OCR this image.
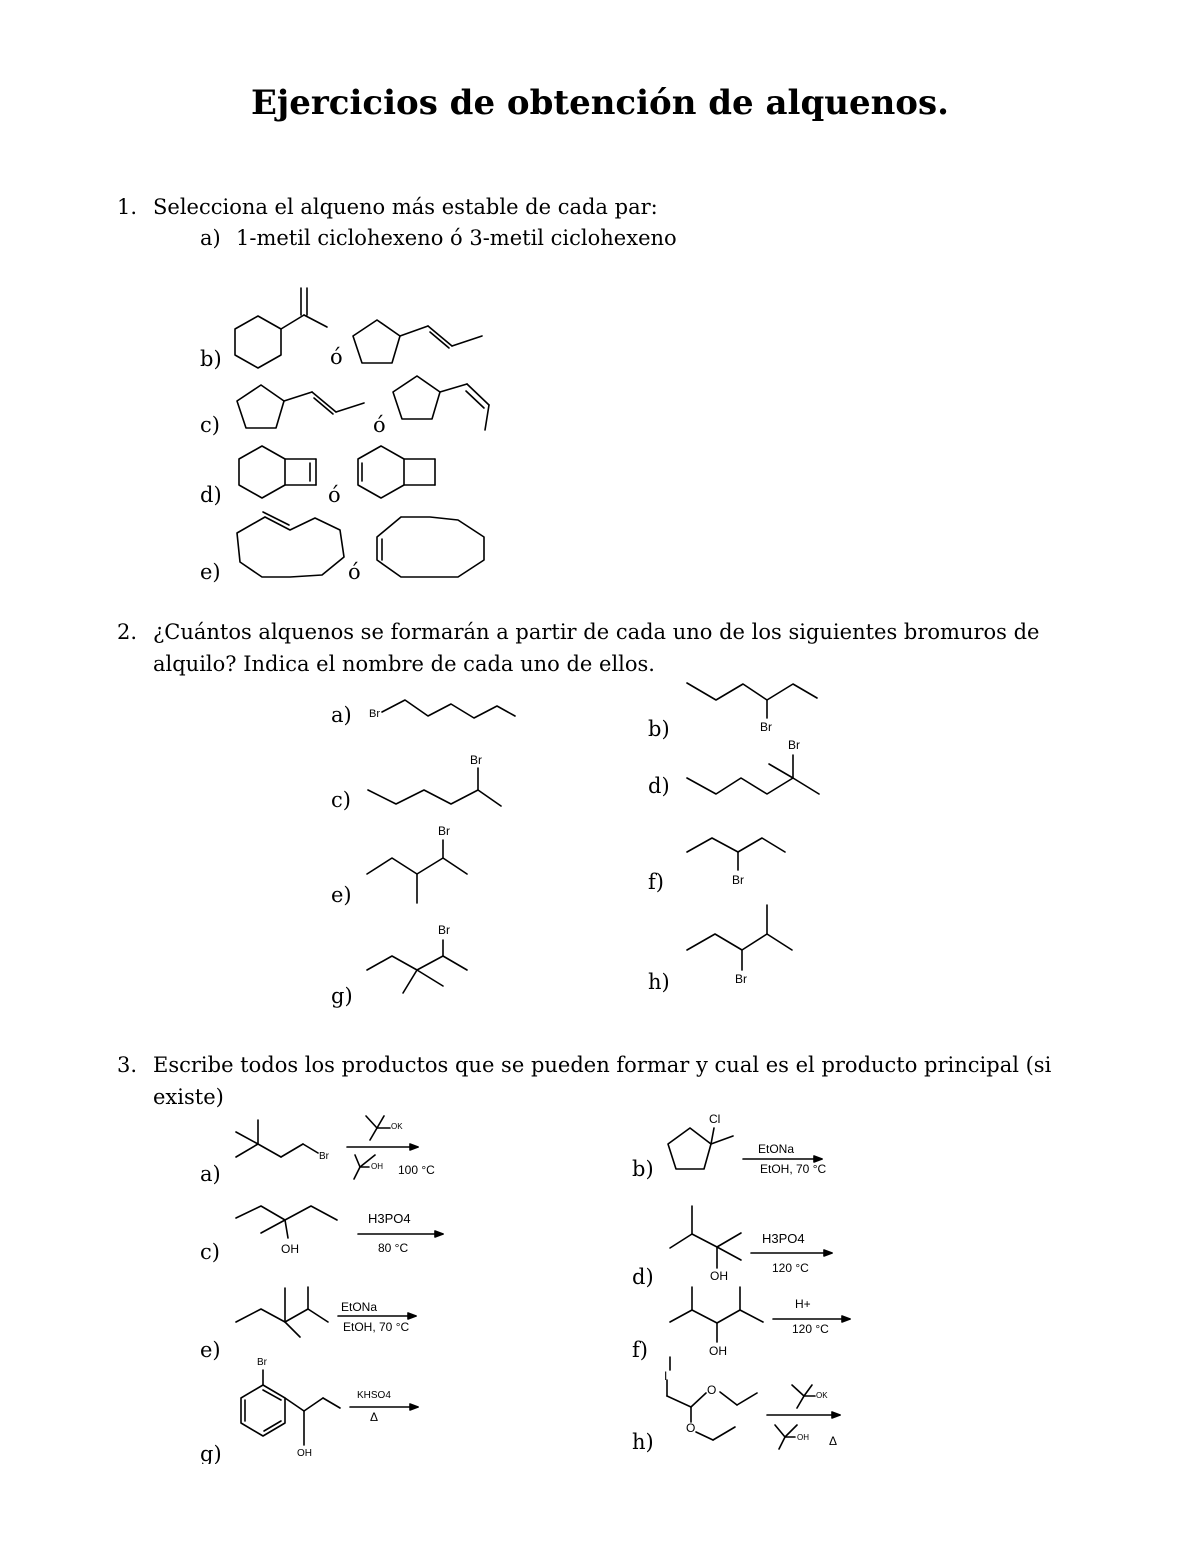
Ejercicios de obtención de alquenos.
1. Selecciona el alqueno más estable de cada par:
a) 1-metil ciclohexeno ó 3-metil ciclohexeno
b)	ó
c)	ó
d)	ó
e)	ó
2. ¿Cuántos alquenos se formarán a partir de cada uno de los siguientes bromuros de
alquilo? Indica el nombre de cada uno de ellos.
a)
b)
c)
d)
e)
f)
g)
h)
3. Escribe todos los productos que se pueden formar y cual es el producto principal (si
existe)
a)	b)
c)
d)
e)	f)
g)	h)
Br
Br
Br
Br
Br
Br
Br
Br
Br
OK
OH 100 °C
Cl
EtONa
EtOH, 70 °C
OH
H3PO4
80 °C
OH
H3PO4
120 °C
EtONa
EtOH, 70 °C
OH
H+
120 °C
Br
OH
KHSO4
Δ
I
O
O
OK
OH Δ
